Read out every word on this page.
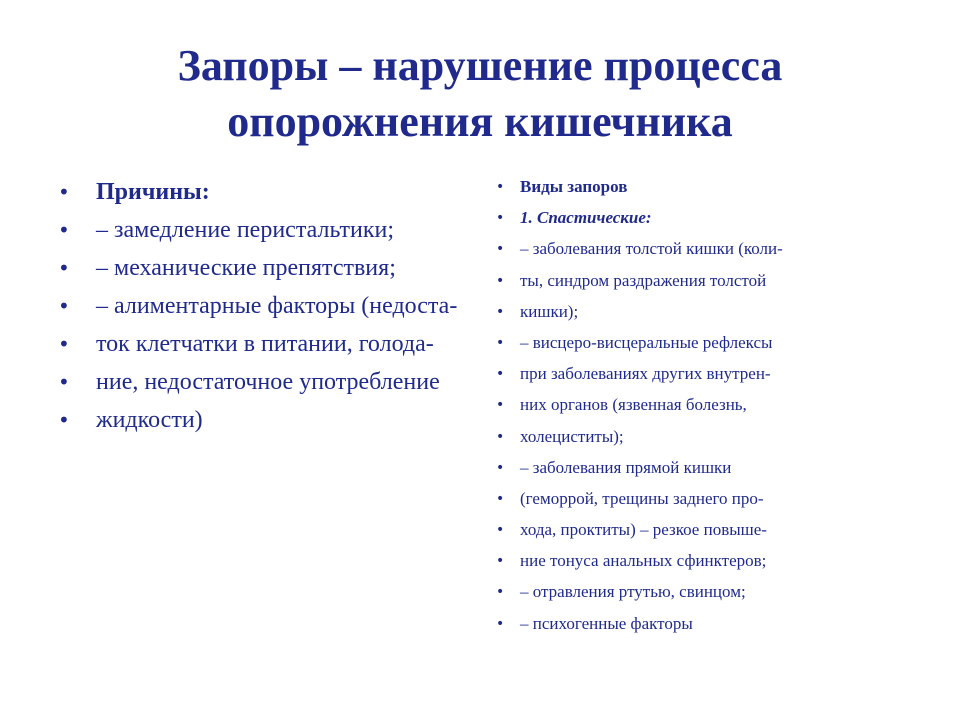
Запоры – нарушение процесса
опорожнения кишечника
• Причины:
• – замедление перистальтики;
• – механические препятствия;
• – алиментарные факторы (недоста-
• ток клетчатки в питании, голода-
• ние, недостаточное употребление
• жидкости)
• Виды запоров
• 1. Спастические:
• – заболевания толстой кишки (коли-
• ты, синдром раздражения толстой
• кишки);
• – висцеро-висцеральные рефлексы
• при заболеваниях других внутрен-
• них органов (язвенная болезнь,
• холециститы);
• – заболевания прямой кишки
• (геморрой, трещины заднего про-
• хода, проктиты) – резкое повыше-
• ние тонуса анальных сфинктеров;
• – отравления ртутью, свинцом;
• – психогенные факторы
